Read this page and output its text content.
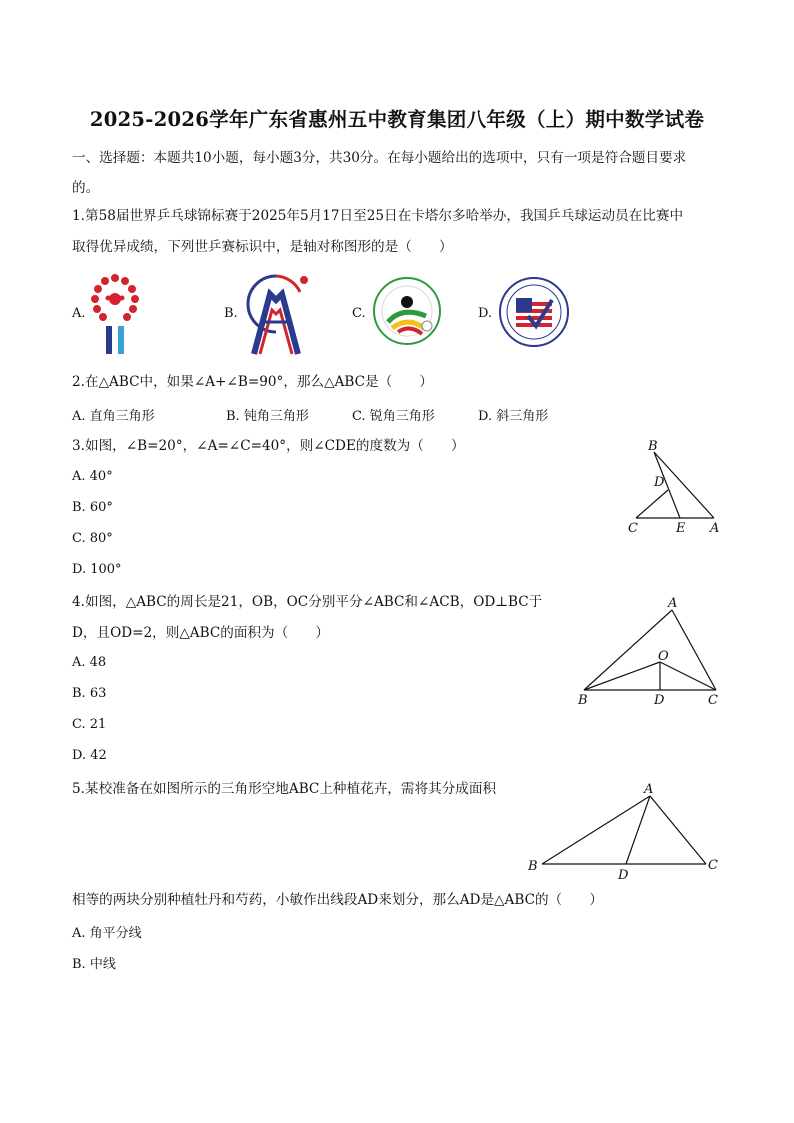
2025-2026学年广东省惠州五中教育集团八年级（上）期中数学试卷
一、选择题：本题共10小题，每小题3分，共30分。在每小题给出的选项中，只有一项是符合题目要求
的。
1.第58届世界乒乓球锦标赛于2025年5月17日至25日在卡塔尔多哈举办，我国乒乓球运动员在比赛中
取得优异成绩，下列世乒赛标识中，是轴对称图形的是（　　）
A.	B.	C.	D.
2.在△ABC中，如果∠A+∠B=90°，那么△ABC是（　　）
A. 直角三角形	B. 钝角三角形	C. 锐角三角形	D. 斜三角形
3.如图，∠B=20°，∠A=∠C=40°，则∠CDE的度数为（　　）
A. 40°
B. 60°
C. 80°
D. 100°
B
D
C	E A
4.如图，△ABC的周长是21，OB，OC分别平分∠ABC和∠ACB，OD⊥BC于
D，且OD=2，则△ABC的面积为（　　）
A. 48
B. 63
C. 21
D. 42
A
O
B	D	C
5.某校准备在如图所示的三角形空地ABC上种植花卉，需将其分成面积	A
B
D
C
相等的两块分别种植牡丹和芍药，小敏作出线段AD来划分，那么AD是△ABC的（　　）
A. 角平分线
B. 中线
